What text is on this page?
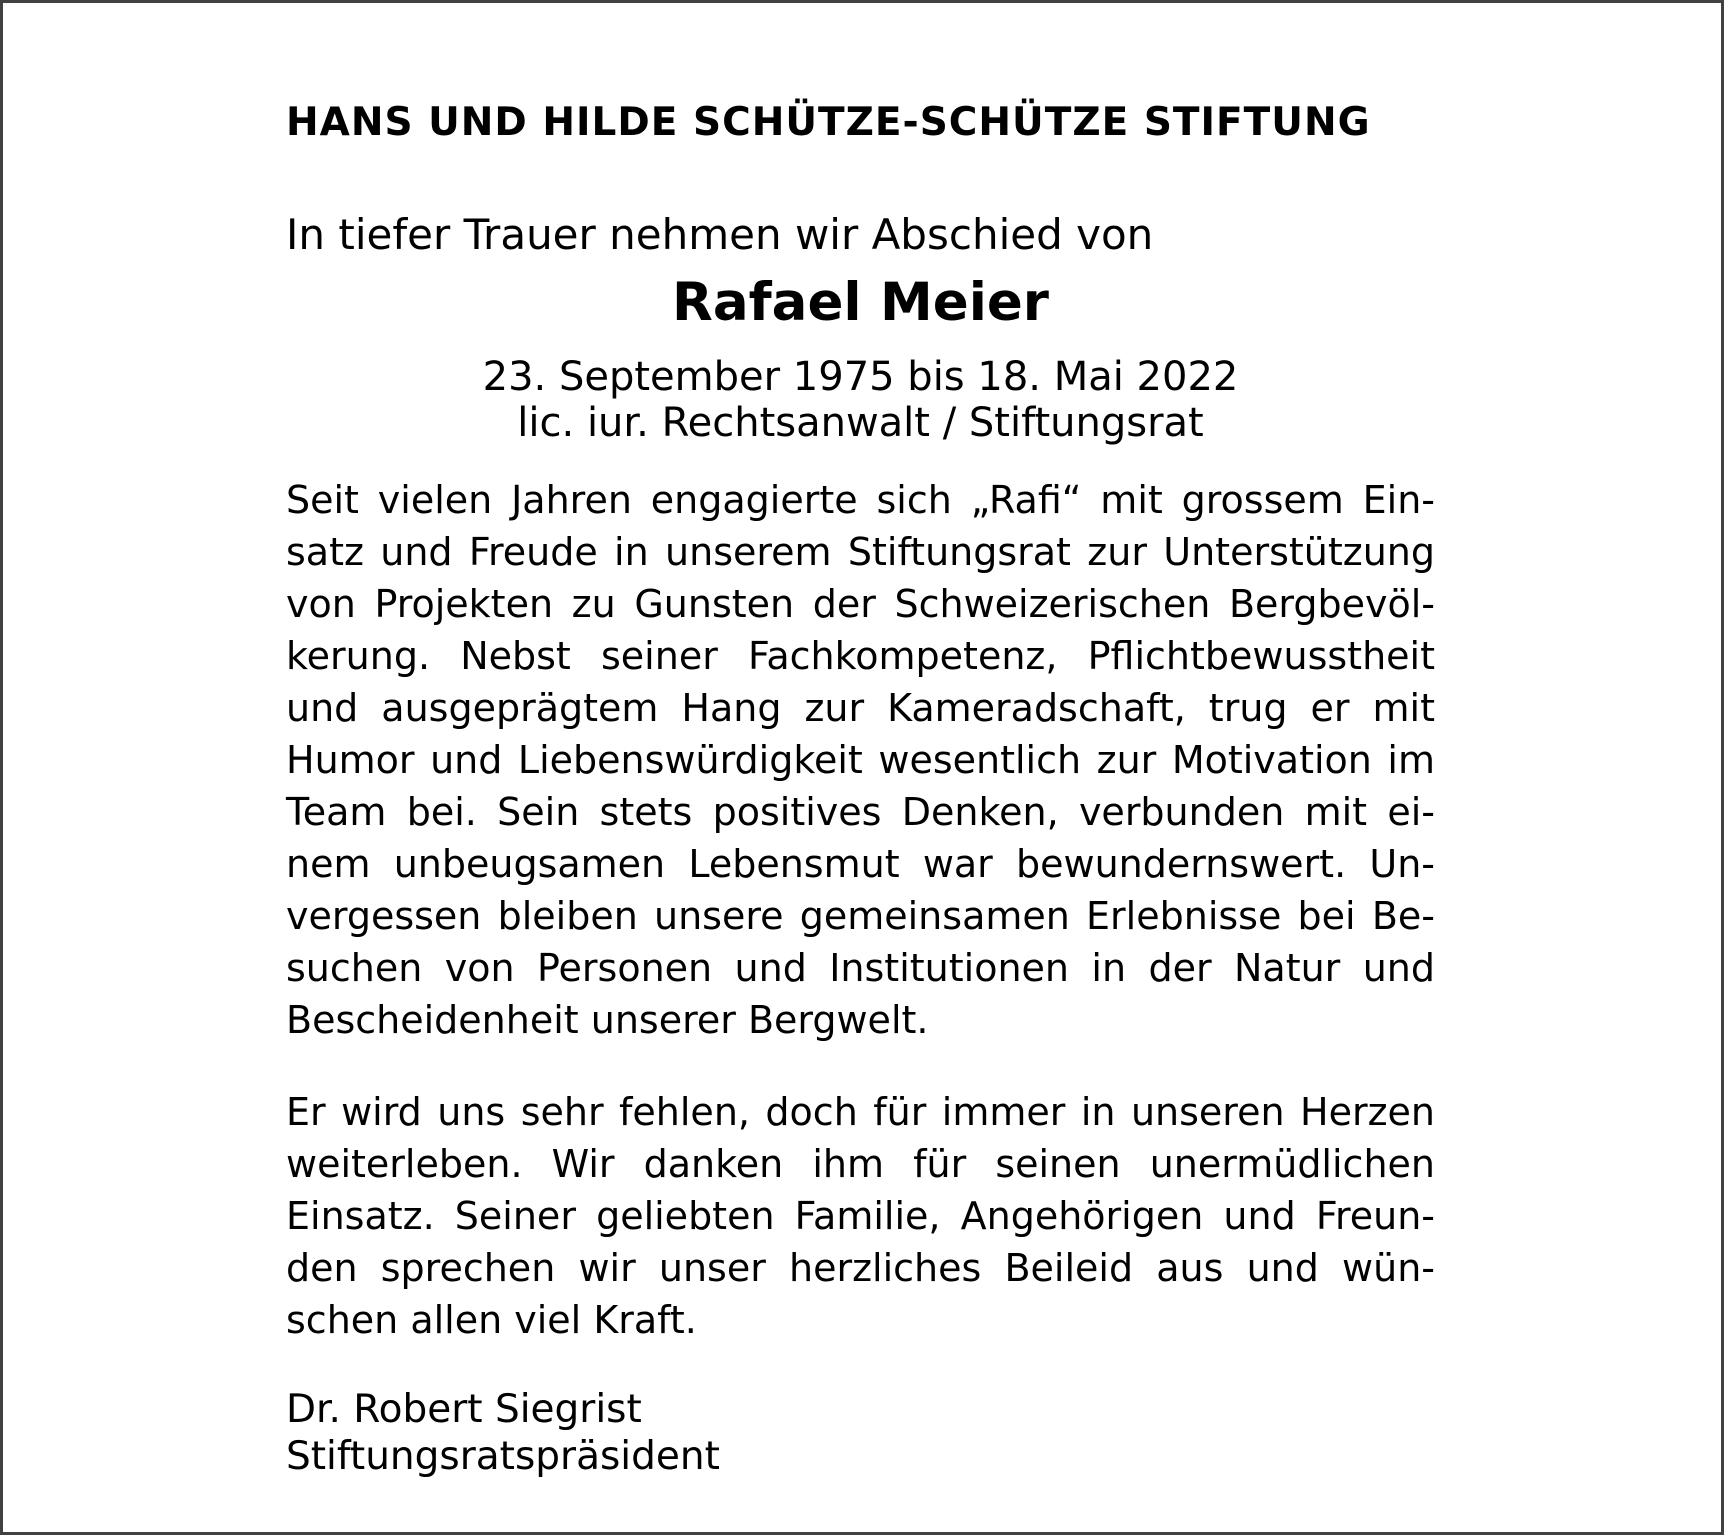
HANS UND HILDE SCHÜTZE-SCHÜTZE STIFTUNG
In tiefer Trauer nehmen wir Abschied von
Rafael Meier
23. September 1975 bis 18. Mai 2022
lic. iur. Rechtsanwalt / Stiftungsrat
Seit vielen Jahren engagierte sich „Rafi“ mit grossem Ein-
satz und Freude in unserem Stiftungsrat zur Unterstützung
von Projekten zu Gunsten der Schweizerischen Bergbevöl-
kerung. Nebst seiner Fachkompetenz, Pflichtbewusstheit
und ausgeprägtem Hang zur Kameradschaft, trug er mit
Humor und Liebenswürdigkeit wesentlich zur Motivation im
Team bei. Sein stets positives Denken, verbunden mit ei-
nem unbeugsamen Lebensmut war bewundernswert. Un-
vergessen bleiben unsere gemeinsamen Erlebnisse bei Be-
suchen von Personen und Institutionen in der Natur und
Bescheidenheit unserer Bergwelt.
Er wird uns sehr fehlen, doch für immer in unseren Herzen
weiterleben. Wir danken ihm für seinen unermüdlichen
Einsatz. Seiner geliebten Familie, Angehörigen und Freun-
den sprechen wir unser herzliches Beileid aus und wün-
schen allen viel Kraft.
Dr. Robert Siegrist
Stiftungsratspräsident
